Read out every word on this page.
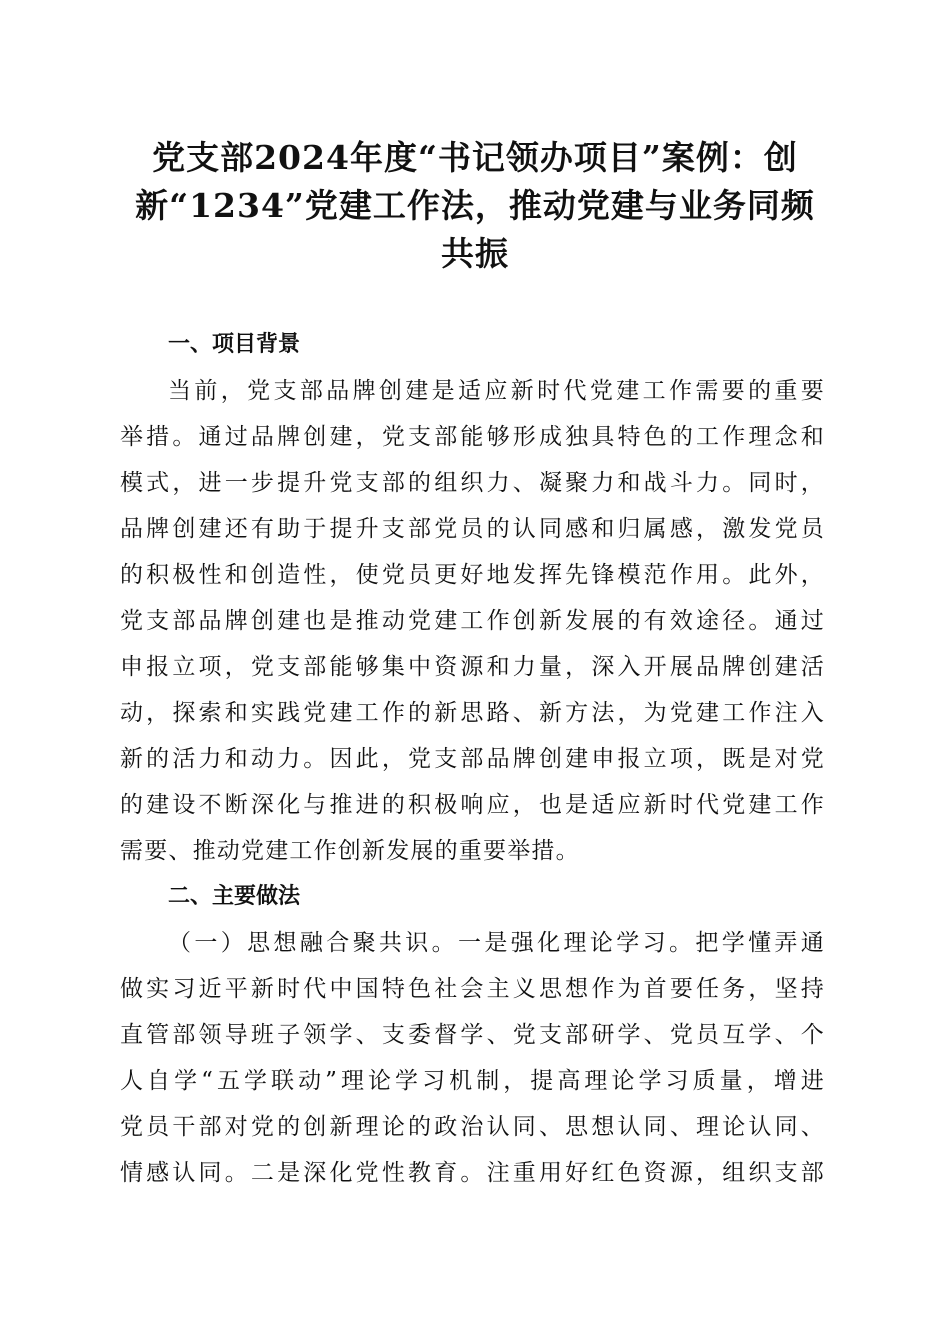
党支部2024年度“书记领办项目”案例：创
新“1234”党建工作法，推动党建与业务同频
共振
一、项目背景
当前，党支部品牌创建是适应新时代党建工作需要的重要
举措。通过品牌创建，党支部能够形成独具特色的工作理念和
模式，进一步提升党支部的组织力、凝聚力和战斗力。同时，
品牌创建还有助于提升支部党员的认同感和归属感，激发党员
的积极性和创造性，使党员更好地发挥先锋模范作用。此外，
党支部品牌创建也是推动党建工作创新发展的有效途径。通过
申报立项，党支部能够集中资源和力量，深入开展品牌创建活
动，探索和实践党建工作的新思路、新方法，为党建工作注入
新的活力和动力。因此，党支部品牌创建申报立项，既是对党
的建设不断深化与推进的积极响应，也是适应新时代党建工作
需要、推动党建工作创新发展的重要举措。
二、主要做法
（一）思想融合聚共识。一是强化理论学习。把学懂弄通
做实习近平新时代中国特色社会主义思想作为首要任务，坚持
直管部领导班子领学、支委督学、党支部研学、党员互学、个
人自学“五学联动”理论学习机制，提高理论学习质量，增进
党员干部对党的创新理论的政治认同、思想认同、理论认同、
情感认同。二是深化党性教育。注重用好红色资源，组织支部
